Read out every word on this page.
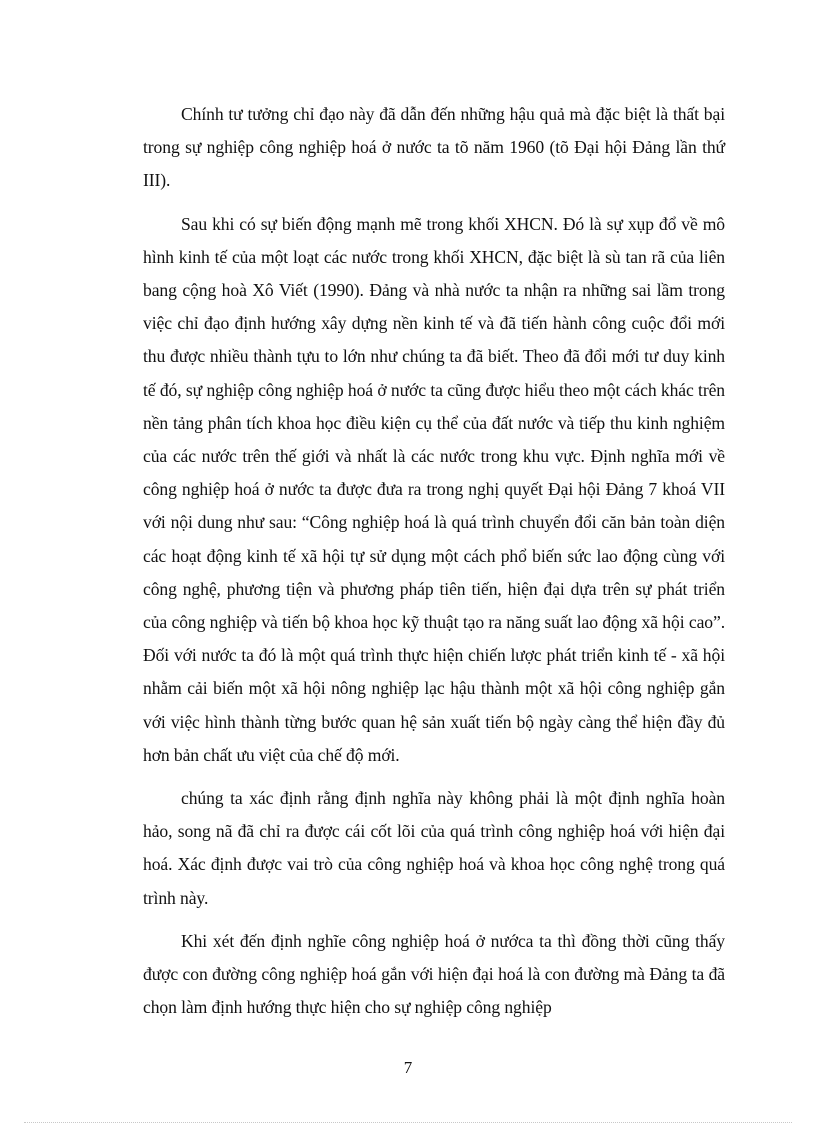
Chính tư tưởng chỉ đạo này đã dẫn đến những hậu quả mà đặc biệt là thất bại trong sự nghiệp công nghiệp hoá ở nước ta tõ năm 1960 (tõ Đại hội Đảng lần thứ III).

Sau khi có sự biến động mạnh mẽ trong khối XHCN. Đó là sự xụp đổ về mô hình kinh tế của một loạt các nước trong khối XHCN, đặc biệt là sù tan rã của liên bang cộng hoà Xô Viết (1990). Đảng và nhà nước ta nhận ra những sai lầm trong việc chỉ đạo định hướng xây dựng nền kinh tế và đã tiến hành công cuộc đổi mới thu được nhiều thành tựu to lớn như chúng ta đã biết. Theo đã đổi mới tư duy kinh tế đó, sự nghiệp công nghiệp hoá ở nước ta cũng được hiểu theo một cách khác trên nền tảng phân tích khoa học điều kiện cụ thể của đất nước và tiếp thu kinh nghiệm của các nước trên thế giới và nhất là các nước trong khu vực. Định nghĩa mới về công nghiệp hoá ở nước ta được đưa ra trong nghị quyết Đại hội Đảng 7 khoá VII với nội dung như sau: “Công nghiệp hoá là quá trình chuyển đổi căn bản toàn diện các hoạt động kinh tế xã hội tự sử dụng một cách phổ biến sức lao động cùng với công nghệ, phương tiện và phương pháp tiên tiến, hiện đại dựa trên sự phát triển của công nghiệp và tiến bộ khoa học kỹ thuật tạo ra năng suất lao động xã hội cao”. Đối với nước ta đó là một quá trình thực hiện chiến lược phát triển kinh tế - xã hội nhằm cải biến một xã hội nông nghiệp lạc hậu thành một xã hội công nghiệp gắn với việc hình thành từng bước quan hệ sản xuất tiến bộ ngày càng thể hiện đầy đủ hơn bản chất ưu việt của chế độ mới.

chúng ta xác định rằng định nghĩa này không phải là một định nghĩa hoàn hảo, song nã đã chỉ ra được cái cốt lõi của quá trình công nghiệp hoá với hiện đại hoá. Xác định được vai trò của công nghiệp hoá và khoa học công nghệ trong quá trình này.

Khi xét đến định nghĩe công nghiệp hoá ở nướca ta thì đồng thời cũng thấy được con đường công nghiệp hoá gắn với hiện đại hoá là con đường mà Đảng ta đã chọn làm định hướng thực hiện cho sự nghiệp công nghiệp

7
